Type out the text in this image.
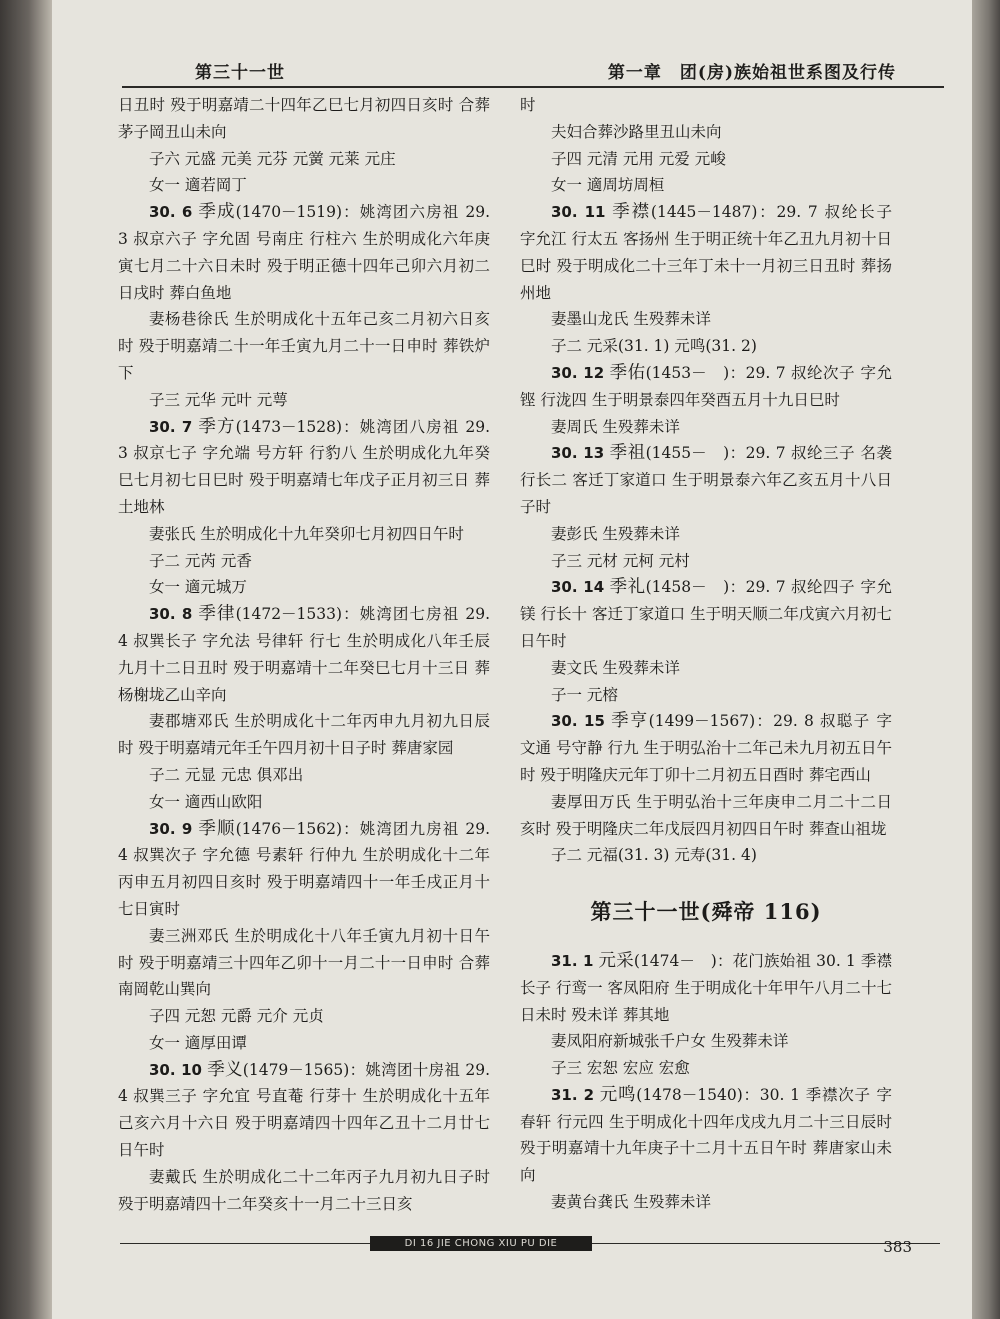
第三十一世	第一章　团(房)族始祖世系图及行传

日丑时 殁于明嘉靖二十四年乙巳七月初四日亥时 合葬茅子岡丑山未向

子六 元盛 元美 元芬 元黉 元莱 元庄

女一 適若岡丁

30. 6 季成(1470－1519)：姚湾团六房祖 29. 3 叔京六子 字允固 号南庄 行柱六 生於明成化六年庚寅七月二十六日未时 殁于明正德十四年己卯六月初二日戌时 葬白鱼地

妻杨巷徐氏 生於明成化十五年己亥二月初六日亥时 殁于明嘉靖二十一年壬寅九月二十一日申时 葬铁炉下

子三 元华 元叶 元萼

30. 7 季方(1473－1528)：姚湾团八房祖 29. 3 叔京七子 字允端 号方轩 行豹八 生於明成化九年癸巳七月初七日巳时 殁于明嘉靖七年戊子正月初三日 葬土地林

妻张氏 生於明成化十九年癸卯七月初四日午时

子二 元芮 元香

女一 適元城万

30. 8 季律(1472－1533)：姚湾团七房祖 29. 4 叔巽长子 字允法 号律轩 行七 生於明成化八年壬辰九月十二日丑时 殁于明嘉靖十二年癸巳七月十三日 葬杨榭垅乙山辛向

妻郡塘邓氏 生於明成化十二年丙申九月初九日辰时 殁于明嘉靖元年壬午四月初十日子时 葬唐家园

子二 元显 元忠 俱邓出

女一 適西山欧阳

30. 9 季顺(1476－1562)：姚湾团九房祖 29. 4 叔巽次子 字允德 号素轩 行仲九 生於明成化十二年丙申五月初四日亥时 殁于明嘉靖四十一年壬戌正月十七日寅时

妻三洲邓氏 生於明成化十八年壬寅九月初十日午时 殁于明嘉靖三十四年乙卯十一月二十一日申时 合葬南岡乾山巽向

子四 元恕 元爵 元介 元贞

女一 適厚田谭

30. 10 季义(1479－1565)：姚湾团十房祖 29. 4 叔巽三子 字允宜 号直菴 行芽十 生於明成化十五年己亥六月十六日 殁于明嘉靖四十四年乙丑十二月廿七日午时

妻戴氏 生於明成化二十二年丙子九月初九日子时 殁于明嘉靖四十二年癸亥十一月二十三日亥

时

夫妇合葬沙路里丑山未向

子四 元清 元用 元爱 元峻

女一 適周坊周桓

30. 11 季襟(1445－1487)：29. 7 叔纶长子 字允江 行太五 客扬州 生于明正统十年乙丑九月初十日巳时 殁于明成化二十三年丁未十一月初三日丑时 葬扬州地

妻墨山龙氏 生殁葬未详

子二 元采(31. 1) 元鸣(31. 2)

30. 12 季佑(1453－　)：29. 7 叔纶次子 字允铿 行泷四 生于明景泰四年癸酉五月十九日巳时

妻周氏 生殁葬未详

30. 13 季祖(1455－　)：29. 7 叔纶三子 名袭 行长二 客迁丁家道口 生于明景泰六年乙亥五月十八日子时

妻彭氏 生殁葬未详

子三 元材 元柯 元村

30. 14 季礼(1458－　)：29. 7 叔纶四子 字允镁 行长十 客迁丁家道口 生于明天顺二年戊寅六月初七日午时

妻文氏 生殁葬未详

子一 元榕

30. 15 季亨(1499－1567)：29. 8 叔聪子 字文通 号守静 行九 生于明弘治十二年己未九月初五日午时 殁于明隆庆元年丁卯十二月初五日酉时 葬宅西山

妻厚田万氏 生于明弘治十三年庚申二月二十二日亥时 殁于明隆庆二年戊辰四月初四日午时 葬查山祖垅

子二 元福(31. 3) 元寿(31. 4)

第三十一世(舜帝 116)

31. 1 元采(1474－　)：花门族始祖 30. 1 季襟长子 行鸾一 客凤阳府 生于明成化十年甲午八月二十七日未时 殁未详 葬其地

妻凤阳府新城张千户女 生殁葬未详

子三 宏恕 宏应 宏愈

31. 2 元鸣(1478－1540)：30. 1 季襟次子 字春轩 行元四 生于明成化十四年戊戌九月二十三日辰时 殁于明嘉靖十九年庚子十二月十五日午时 葬唐家山未向

妻黄台龚氏 生殁葬未详

DI 16 JIE CHONG XIU PU DIE	383
